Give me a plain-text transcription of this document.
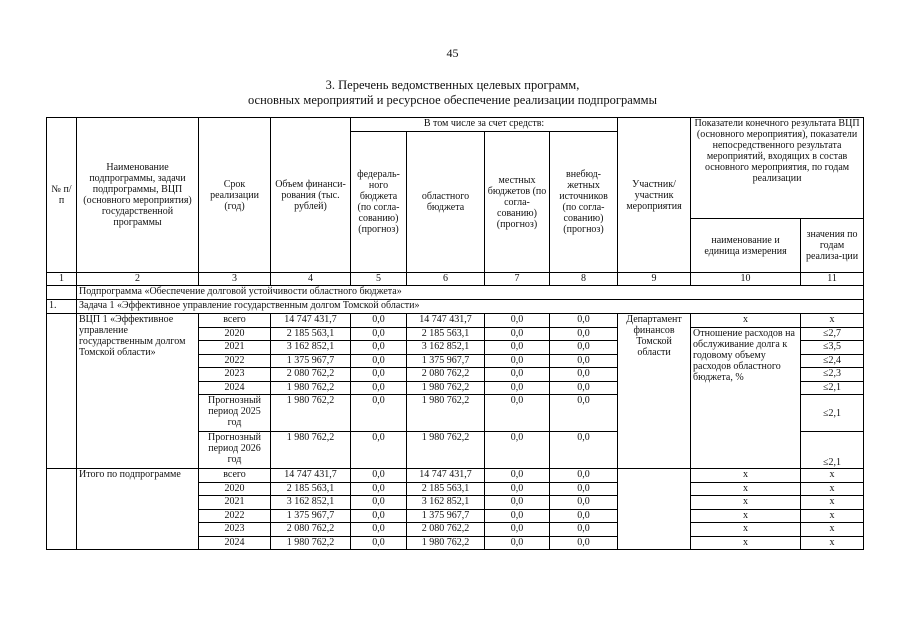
45
3. Перечень ведомственных целевых программ,
основных мероприятий и ресурсное обеспечение реализации подпрограммы
№ п/п	Наименование подпрограммы, задачи подпрограммы, ВЦП (основного мероприятия) государственной программы	Срок реализации (год)	Объем финанси-рования (тыс. рублей)	В том числе за счет средств:				Участник/ участник мероприятия	Показатели конечного результата ВЦП (основного мероприятия), показатели непосредственного результата мероприятий, входящих в состав основного мероприятия, по годам реализации	
				федераль-ного бюджета (по согла-сованию) (прогноз)	областного бюджета	местных бюджетов (по согла-сованию) (прогноз)	внебюд-жетных источников (по согла-сованию) (прогноз)			
									наименование и единица измерения	значения по годам реализа-ции
1	2	3	4	5	6	7	8	9	10	11
	Подпрограмма «Обеспечение долговой устойчивости областного бюджета»									
1.	Задача 1 «Эффективное управление государственным долгом Томской области»									
	ВЦП 1 «Эффективное управление государственным долгом Томской области»	всего	14 747 431,7	0,0	14 747 431,7	0,0	0,0	Департамент финансов Томской области	x	x
		2020	2 185 563,1	0,0	2 185 563,1	0,0	0,0		Отношение расходов на обслуживание долга к годовому объему расходов областного бюджета, %	≤2,7
		2021	3 162 852,1	0,0	3 162 852,1	0,0	0,0			≤3,5
		2022	1 375 967,7	0,0	1 375 967,7	0,0	0,0			≤2,4
		2023	2 080 762,2	0,0	2 080 762,2	0,0	0,0			≤2,3
		2024	1 980 762,2	0,0	1 980 762,2	0,0	0,0			≤2,1
		Прогнозный период 2025 год	1 980 762,2	0,0	1 980 762,2	0,0	0,0			≤2,1
		Прогнозный период 2026 год	1 980 762,2	0,0	1 980 762,2	0,0	0,0			≤2,1
	Итого по подпрограмме	всего	14 747 431,7	0,0	14 747 431,7	0,0	0,0		x	x
		2020	2 185 563,1	0,0	2 185 563,1	0,0	0,0		x	x
		2021	3 162 852,1	0,0	3 162 852,1	0,0	0,0		x	x
		2022	1 375 967,7	0,0	1 375 967,7	0,0	0,0		x	x
		2023	2 080 762,2	0,0	2 080 762,2	0,0	0,0		x	x
		2024	1 980 762,2	0,0	1 980 762,2	0,0	0,0		x	x
